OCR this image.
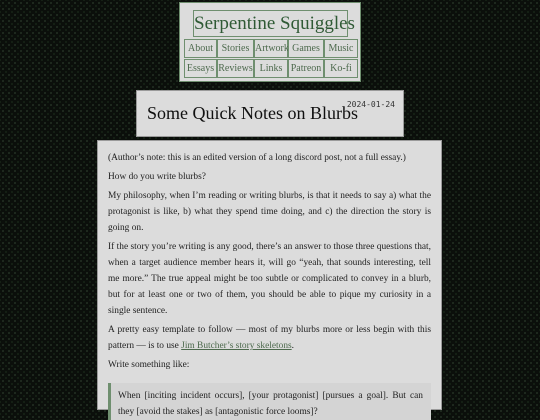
Serpentine Squiggles
About Stories Artwork Games Music
Essays Reviews Links Patreon Ko-fi
Some Quick Notes on Blurbs
2024-01-24

(Author’s note: this is an edited version of a long discord post, not a full essay.)

How do you write blurbs?

My philosophy, when I’m reading or writing blurbs, is that it needs to say a) what the protagonist is like, b) what they spend time doing, and c) the direction the story is going on.

If the story you’re writing is any good, there’s an answer to those three questions that, when a target audience member hears it, will go “yeah, that sounds interesting, tell me more.” The true appeal might be too subtle or complicated to convey in a blurb, but for at least one or two of them, you should be able to pique my curiosity in a single sentence.

A pretty easy template to follow — most of my blurbs more or less begin with this pattern — is to use Jim Butcher’s story skeletons.

Write something like:

When [inciting incident occurs], [your protagonist] [pursues a goal]. But can they [avoid the stakes] as [antagonistic force looms]?
